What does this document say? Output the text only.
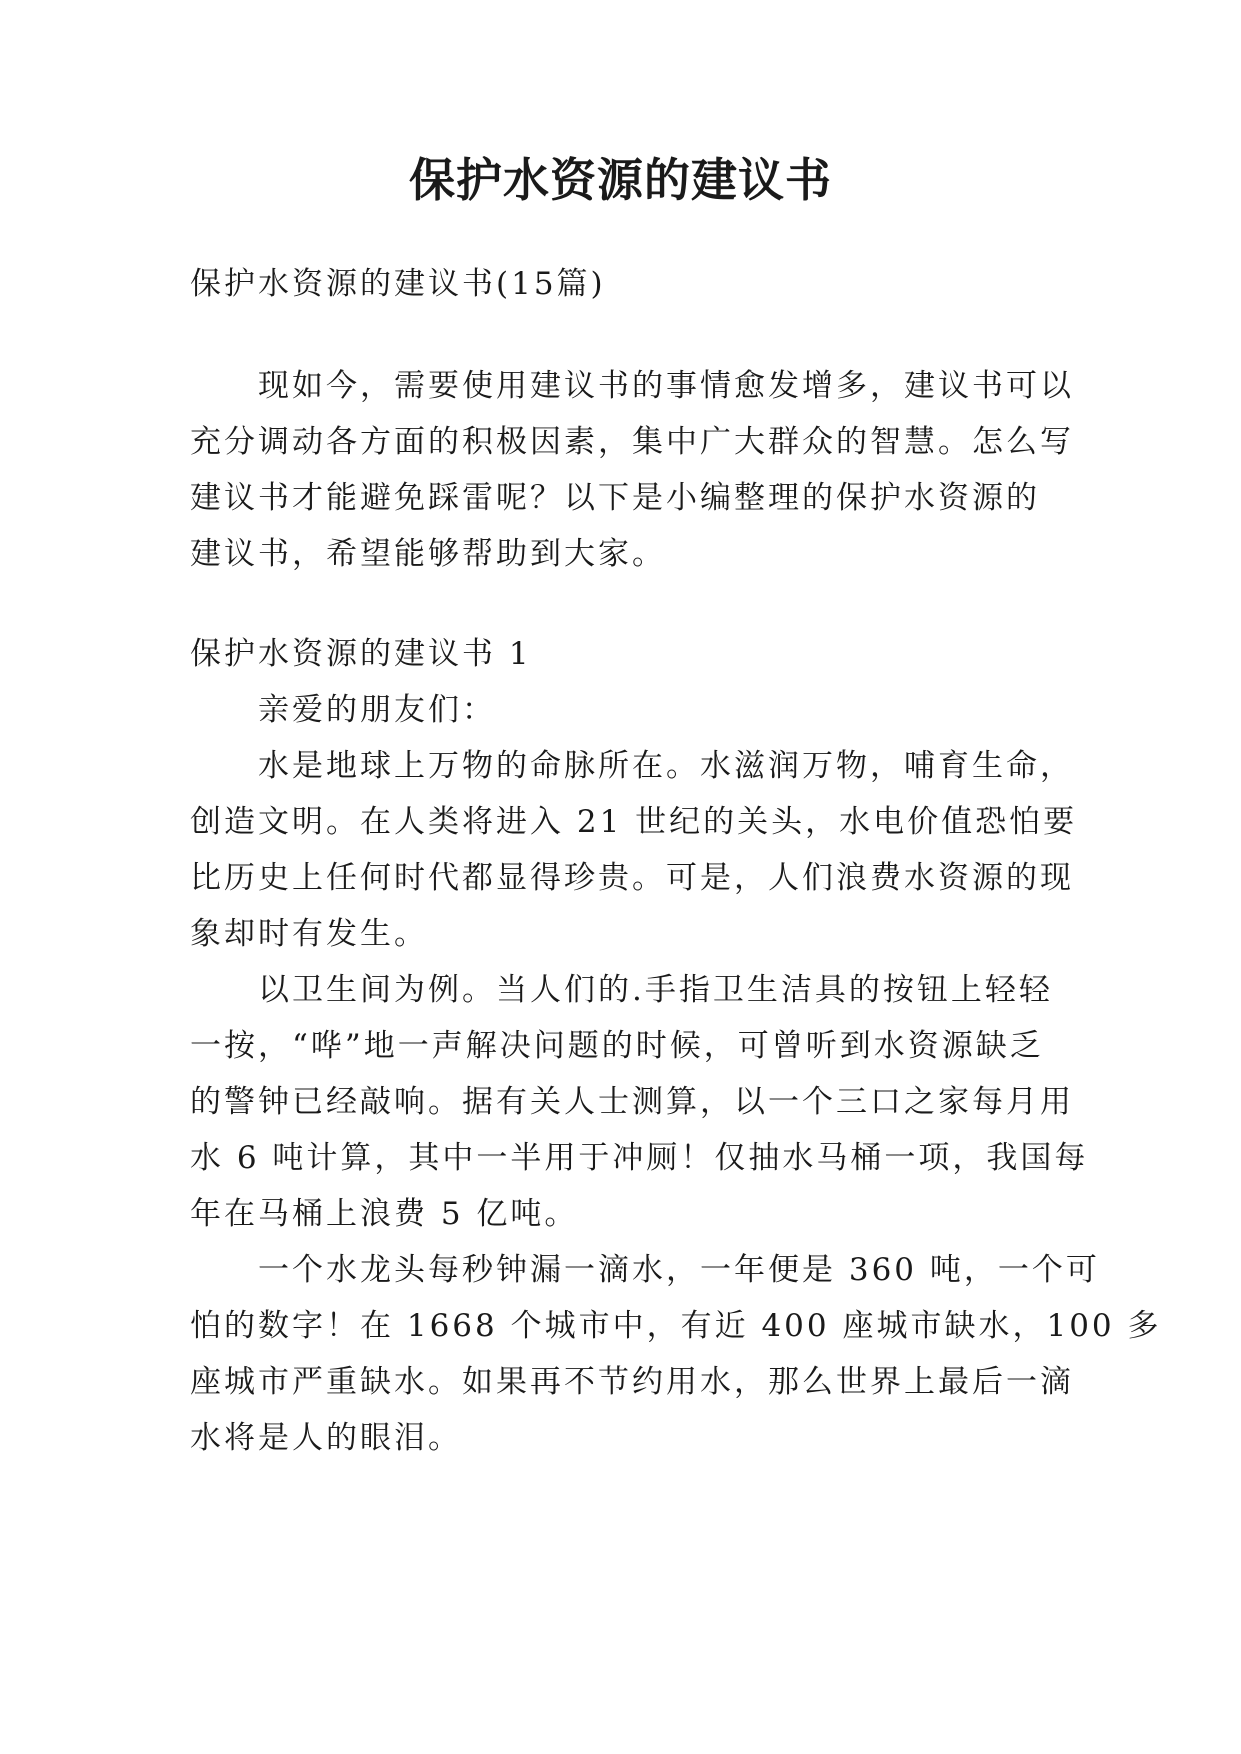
保护水资源的建议书

保护水资源的建议书(15篇)

现如今，需要使用建议书的事情愈发增多，建议书可以

充分调动各方面的积极因素，集中广大群众的智慧。怎么写

建议书才能避免踩雷呢？以下是小编整理的保护水资源的

建议书，希望能够帮助到大家。

保护水资源的建议书 1

亲爱的朋友们：

水是地球上万物的命脉所在。水滋润万物，哺育生命，

创造文明。在人类将进入 21 世纪的关头，水电价值恐怕要

比历史上任何时代都显得珍贵。可是，人们浪费水资源的现

象却时有发生。

以卫生间为例。当人们的.手指卫生洁具的按钮上轻轻

一按，“哗”地一声解决问题的时候，可曾听到水资源缺乏

的警钟已经敲响。据有关人士测算，以一个三口之家每月用

水 6 吨计算，其中一半用于冲厕！仅抽水马桶一项，我国每

年在马桶上浪费 5 亿吨。

一个水龙头每秒钟漏一滴水，一年便是 360 吨，一个可

怕的数字！在 1668 个城市中，有近 400 座城市缺水，100 多

座城市严重缺水。如果再不节约用水，那么世界上最后一滴

水将是人的眼泪。
